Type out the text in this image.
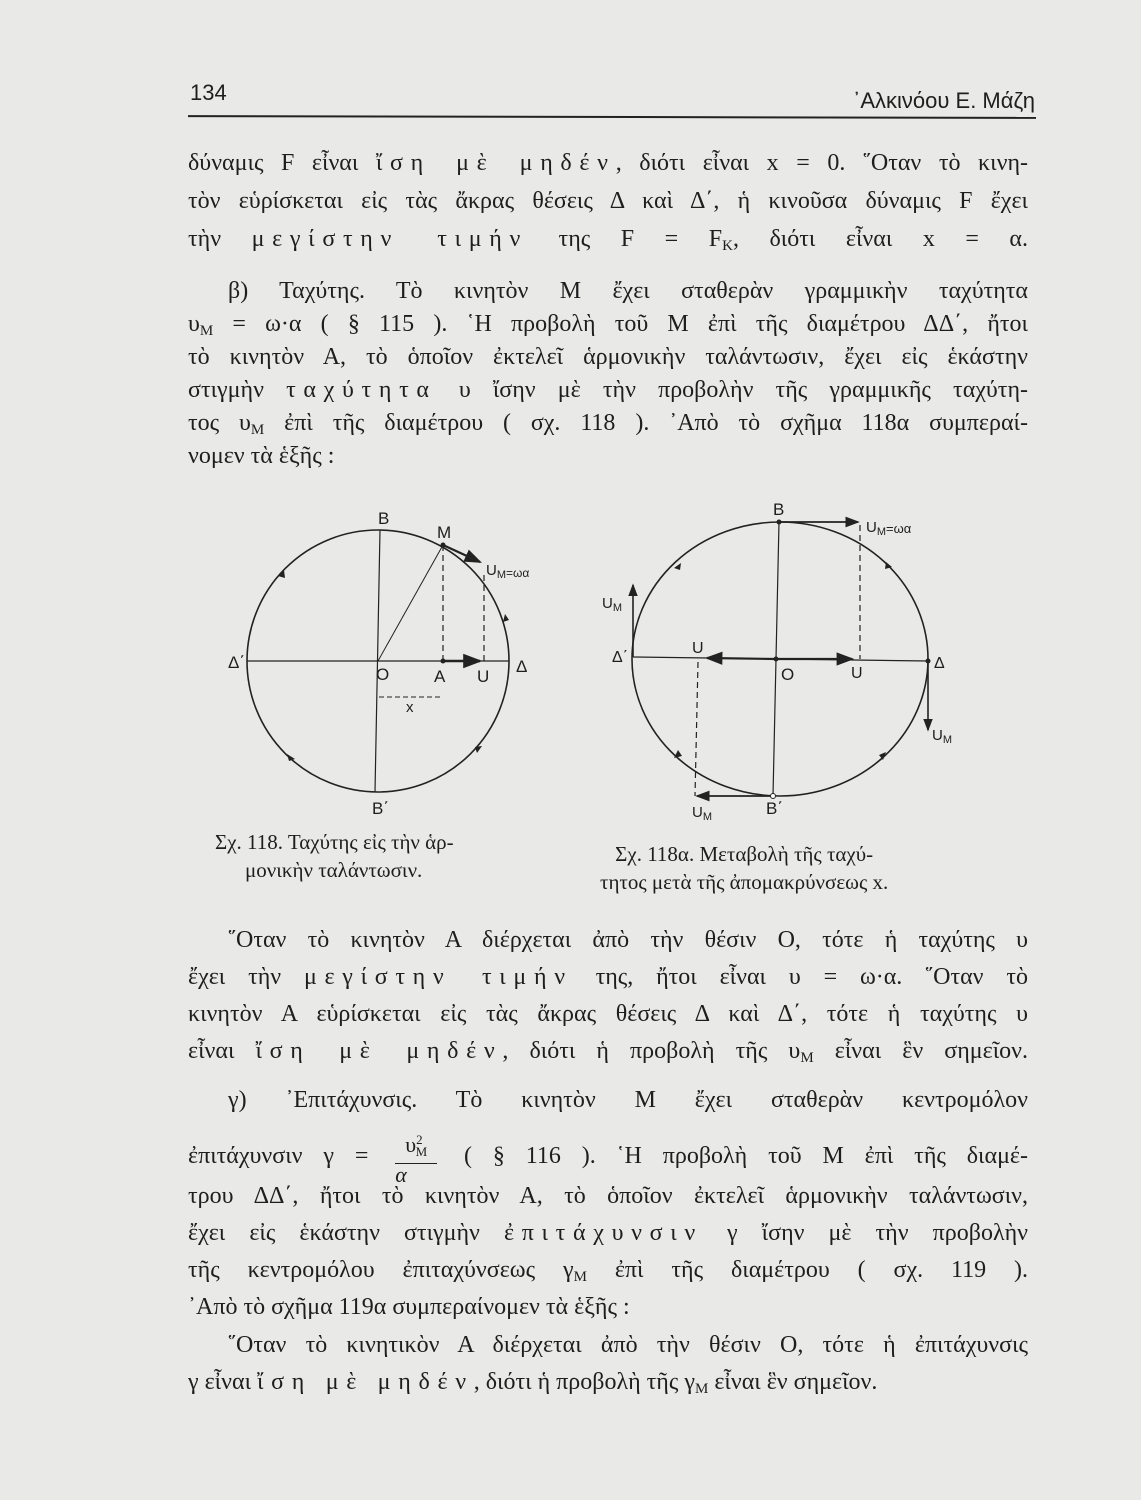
134	᾿Αλκινόου Ε. Μάζη
δύναμις F εἶναι ἴση μὲ μηδέν, διότι εἶναι x = 0. ῞Οταν τὸ κινη-
τὸν εὑρίσκεται εἰς τὰς ἄκρας θέσεις Δ καὶ Δ΄, ἡ κινοῦσα δύναμις F ἔχει
τὴν μεγίστην τιμήν της $F = F_K$, διότι εἶναι x = α.
β) Ταχύτης. Τὸ κινητὸν Μ ἔχει σταθερὰν γραμμικὴν ταχύτητα
$\upsilon_M = \omega\cdot\alpha$ ( § 115 ). ῾Η προβολὴ τοῦ Μ ἐπὶ τῆς διαμέτρου ΔΔ΄, ἤτοι
τὸ κινητὸν Α, τὸ ὁποῖον ἐκτελεῖ ἁρμονικὴν ταλάντωσιν, ἔχει εἰς ἑκάστην
στιγμὴν ταχύτητα υ ἴσην μὲ τὴν προβολὴν τῆς γραμμικῆς ταχύτη-
τος $\upsilon_M$ ἐπὶ τῆς διαμέτρου ( σχ. 118 ). ᾿Απὸ τὸ σχῆμα 118α συμπεραί-
νομεν τὰ ἑξῆς :
῞Οταν τὸ κινητὸν Α διέρχεται ἀπὸ τὴν θέσιν Ο, τότε ἡ ταχύτης υ
ἔχει τὴν μεγίστην τιμήν της, ἤτοι εἶναι υ = ω·α. ῞Οταν τὸ
κινητὸν Α εὑρίσκεται εἰς τὰς ἄκρας θέσεις Δ καὶ Δ΄, τότε ἡ ταχύτης υ
εἶναι ἴση μὲ μηδέν, διότι ἡ προβολὴ τῆς $\upsilon_M$ εἶναι ἓν σημεῖον.
γ) ᾿Επιτάχυνσις. Τὸ κινητὸν Μ ἔχει σταθερὰν κεντρομόλον
τρου ΔΔ΄, ἤτοι τὸ κινητὸν Α, τὸ ὁποῖον ἐκτελεῖ ἁρμονικὴν ταλάντωσιν,
ἔχει εἰς ἑκάστην στιγμὴν ἐπιτάχυνσιν γ ἴσην μὲ τὴν προβολὴν
τῆς κεντρομόλου ἐπιταχύνσεως $\gamma_M$ ἐπὶ τῆς διαμέτρου ( σχ. 119 ).
᾿Απὸ τὸ σχῆμα 119α συμπεραίνομεν τὰ ἑξῆς :
῞Οταν τὸ κινητικὸν Α διέρχεται ἀπὸ τὴν θέσιν Ο, τότε ἡ ἐπιτάχυνσις
γ εἶναι ἴση μὲ μηδέν, διότι ἡ προβολὴ τῆς $\gamma_M$ εἶναι ἓν σημεῖον.
B
M
$U_M=\omega\alpha$
Δ΄
O	A U
Δ
x
B΄
B
$U_M=\omega\alpha$
$U_M$
Δ΄
U
O	U
Δ
$U_M$
$U_M$	B΄
Σχ. 118. Ταχύτης εἰς τὴν ἁρ-
μονικὴν ταλάντωσιν.
Σχ. 118α. Μεταβολὴ τῆς ταχύ-
τητος μετὰ τῆς ἀπομακρύνσεως x.
ἐπιτάχυνσιν $\gamma = \frac{\upsilon^2M}{\alpha}$ ( § 116 ). ῾Η προβολὴ τοῦ Μ ἐπὶ τῆς διαμέ-
